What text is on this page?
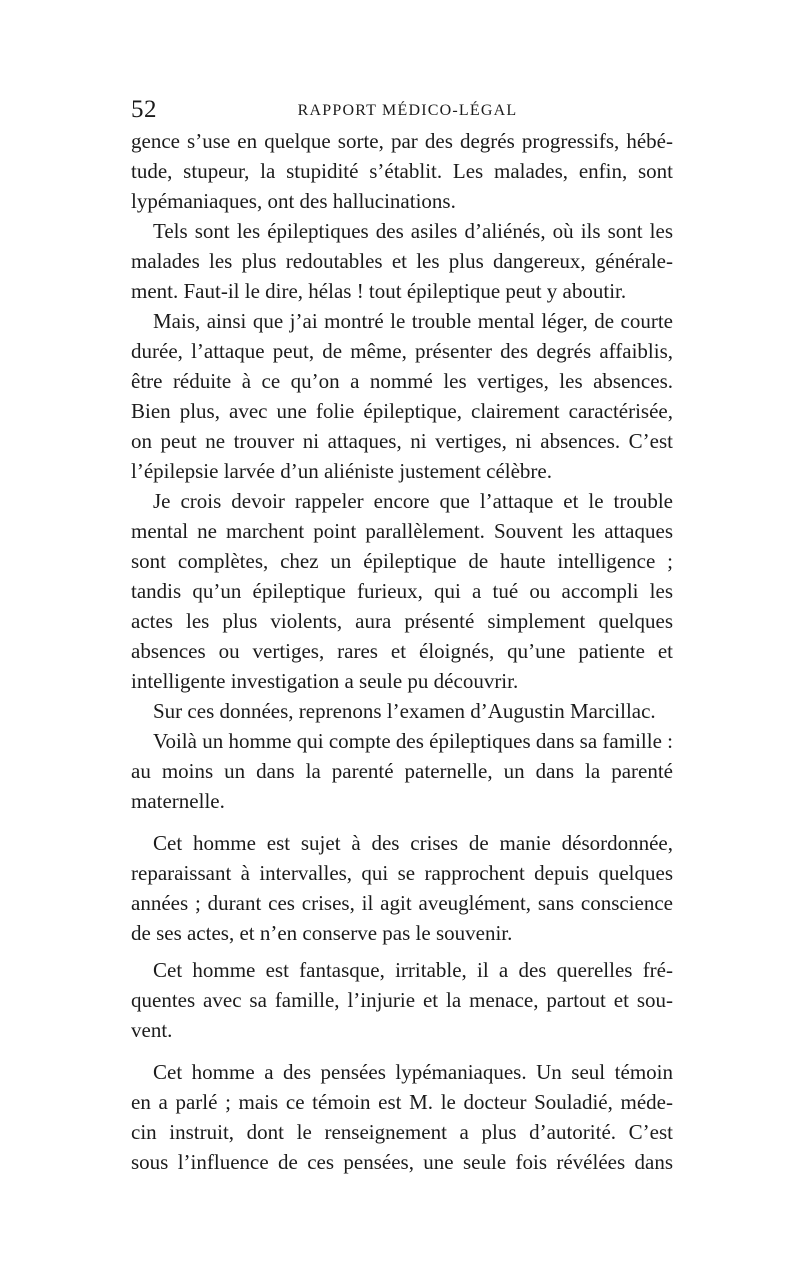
52	RAPPORT MÉDICO-LÉGAL
gence s’use en quelque sorte, par des degrés progressifs, hébé-
tude, stupeur, la stupidité s’établit. Les malades, enfin, sont
lypémaniaques, ont des hallucinations.
Tels sont les épileptiques des asiles d’aliénés, où ils sont les
malades les plus redoutables et les plus dangereux, générale-
ment. Faut-il le dire, hélas ! tout épileptique peut y aboutir.
Mais, ainsi que j’ai montré le trouble mental léger, de courte
durée, l’attaque peut, de même, présenter des degrés affaiblis,
être réduite à ce qu’on a nommé les vertiges, les absences.
Bien plus, avec une folie épileptique, clairement caractérisée,
on peut ne trouver ni attaques, ni vertiges, ni absences. C’est
l’épilepsie larvée d’un aliéniste justement célèbre.
Je crois devoir rappeler encore que l’attaque et le trouble
mental ne marchent point parallèlement. Souvent les attaques
sont complètes, chez un épileptique de haute intelligence ;
tandis qu’un épileptique furieux, qui a tué ou accompli les
actes les plus violents, aura présenté simplement quelques
absences ou vertiges, rares et éloignés, qu’une patiente et
intelligente investigation a seule pu découvrir.
Sur ces données, reprenons l’examen d’Augustin Marcillac.
Voilà un homme qui compte des épileptiques dans sa famille :
au moins un dans la parenté paternelle, un dans la parenté
maternelle.
Cet homme est sujet à des crises de manie désordonnée,
reparaissant à intervalles, qui se rapprochent depuis quelques
années ; durant ces crises, il agit aveuglément, sans conscience
de ses actes, et n’en conserve pas le souvenir.
Cet homme est fantasque, irritable, il a des querelles fré-
quentes avec sa famille, l’injurie et la menace, partout et sou-
vent.
Cet homme a des pensées lypémaniaques. Un seul témoin
en a parlé ; mais ce témoin est M. le docteur Souladié, méde-
cin instruit, dont le renseignement a plus d’autorité. C’est
sous l’influence de ces pensées, une seule fois révélées dans
